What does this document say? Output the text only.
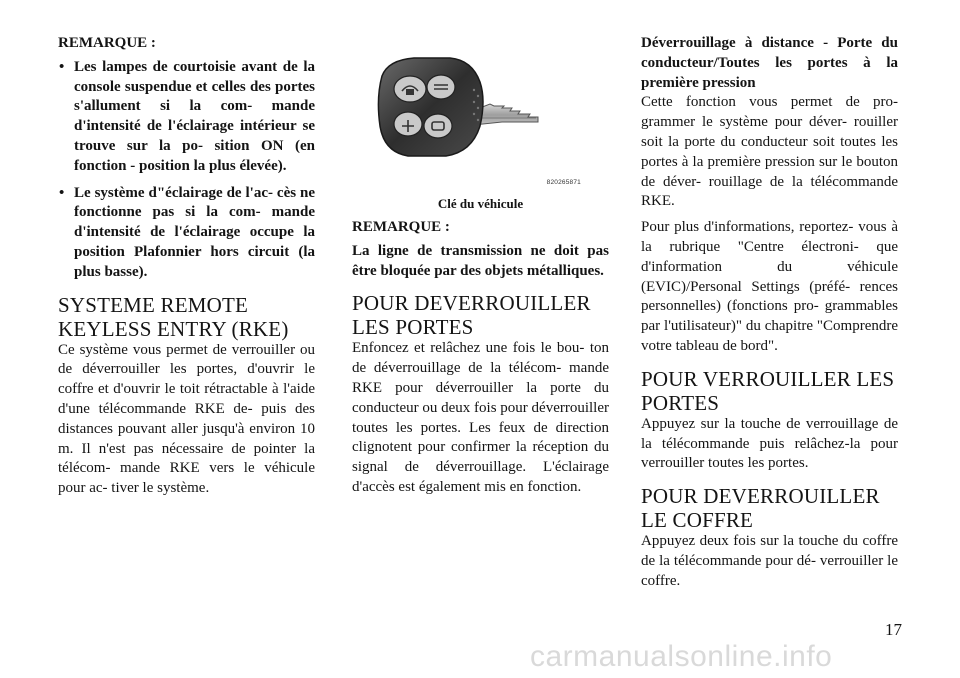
REMARQUE :

• Les lampes de courtoisie avant de la console suspendue et celles des portes s'allument si la com- mande d'intensité de l'éclairage intérieur se trouve sur la po- sition ON (en fonction - position la plus élevée).
• Le système d"éclairage de l'ac- cès ne fonctionne pas si la com- mande d'intensité de l'éclairage occupe la position Plafonnier hors circuit (la plus basse).
SYSTEME REMOTE KEYLESS ENTRY (RKE)

Ce système vous permet de verrouiller ou de déverrouiller les portes, d'ouvrir le coffre et d'ouvrir le toit rétractable à l'aide d'une télécommande RKE de- puis des distances pouvant aller jusqu'à environ 10 m. Il n'est pas nécessaire de pointer la télécom- mande RKE vers le véhicule pour ac- tiver le système.

820265871
Clé du véhicule

REMARQUE :

La ligne de transmission ne doit pas être bloquée par des objets métalliques.

POUR DEVERROUILLER LES PORTES

Enfoncez et relâchez une fois le bou- ton de déverrouillage de la télécom- mande RKE pour déverrouiller la porte du conducteur ou deux fois pour déverrouiller toutes les portes. Les feux de direction clignotent pour confirmer la réception du signal de déverrouillage. L'éclairage d'accès est également mis en fonction.

Déverrouillage à distance - Porte du conducteur/Toutes les portes à la première pression

Cette fonction vous permet de pro- grammer le système pour déver- rouiller soit la porte du conducteur soit toutes les portes à la première pression sur le bouton de déver- rouillage de la télécommande RKE.

Pour plus d'informations, reportez- vous à la rubrique "Centre électroni- que d'information du véhicule (EVIC)/Personal Settings (préfé- rences personnelles) (fonctions pro- grammables par l'utilisateur)" du chapitre "Comprendre votre tableau de bord".

POUR VERROUILLER LES PORTES

Appuyez sur la touche de verrouillage de la télécommande puis relâchez-la pour verrouiller toutes les portes.

POUR DEVERROUILLER LE COFFRE

Appuyez deux fois sur la touche du coffre de la télécommande pour dé- verrouiller le coffre.

17
carmanualsonline.info
